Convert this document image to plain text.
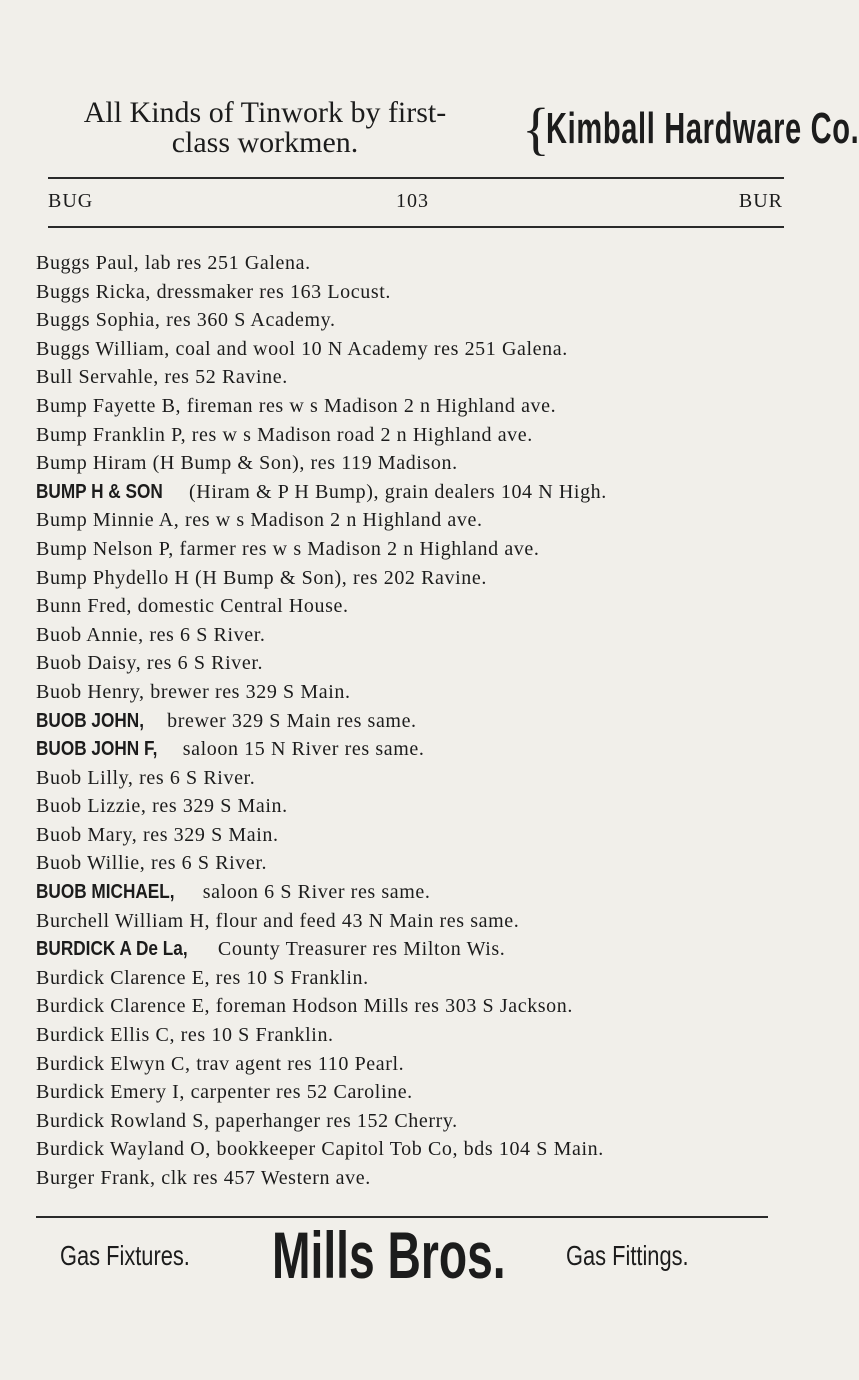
All Kinds of Tinwork by first-
class workmen.	{
Kimball Hardware Co.
BUG	103	BUR
Buggs Paul, lab res 251 Galena.
Buggs Ricka, dressmaker res 163 Locust.
Buggs Sophia, res 360 S Academy.
Buggs William, coal and wool 10 N Academy res 251 Galena.
Bull Servahle, res 52 Ravine.
Bump Fayette B, fireman res w s Madison 2 n Highland ave.
Bump Franklin P, res w s Madison road 2 n Highland ave.
Bump Hiram (H Bump & Son), res 119 Madison.
BUMP H & SON (Hiram & P H Bump), grain dealers 104 N High.
Bump Minnie A, res w s Madison 2 n Highland ave.
Bump Nelson P, farmer res w s Madison 2 n Highland ave.
Bump Phydello H (H Bump & Son), res 202 Ravine.
Bunn Fred, domestic Central House.
Buob Annie, res 6 S River.
Buob Daisy, res 6 S River.
Buob Henry, brewer res 329 S Main.
BUOB JOHN, brewer 329 S Main res same.
BUOB JOHN F, saloon 15 N River res same.
Buob Lilly, res 6 S River.
Buob Lizzie, res 329 S Main.
Buob Mary, res 329 S Main.
Buob Willie, res 6 S River.
BUOB MICHAEL, saloon 6 S River res same.
Burchell William H, flour and feed 43 N Main res same.
BURDICK A De La, County Treasurer res Milton Wis.
Burdick Clarence E, res 10 S Franklin.
Burdick Clarence E, foreman Hodson Mills res 303 S Jackson.
Burdick Ellis C, res 10 S Franklin.
Burdick Elwyn C, trav agent res 110 Pearl.
Burdick Emery I, carpenter res 52 Caroline.
Burdick Rowland S, paperhanger res 152 Cherry.
Burdick Wayland O, bookkeeper Capitol Tob Co, bds 104 S Main.
Burger Frank, clk res 457 Western ave.
Gas Fixtures. Mills Bros. Gas Fittings.
